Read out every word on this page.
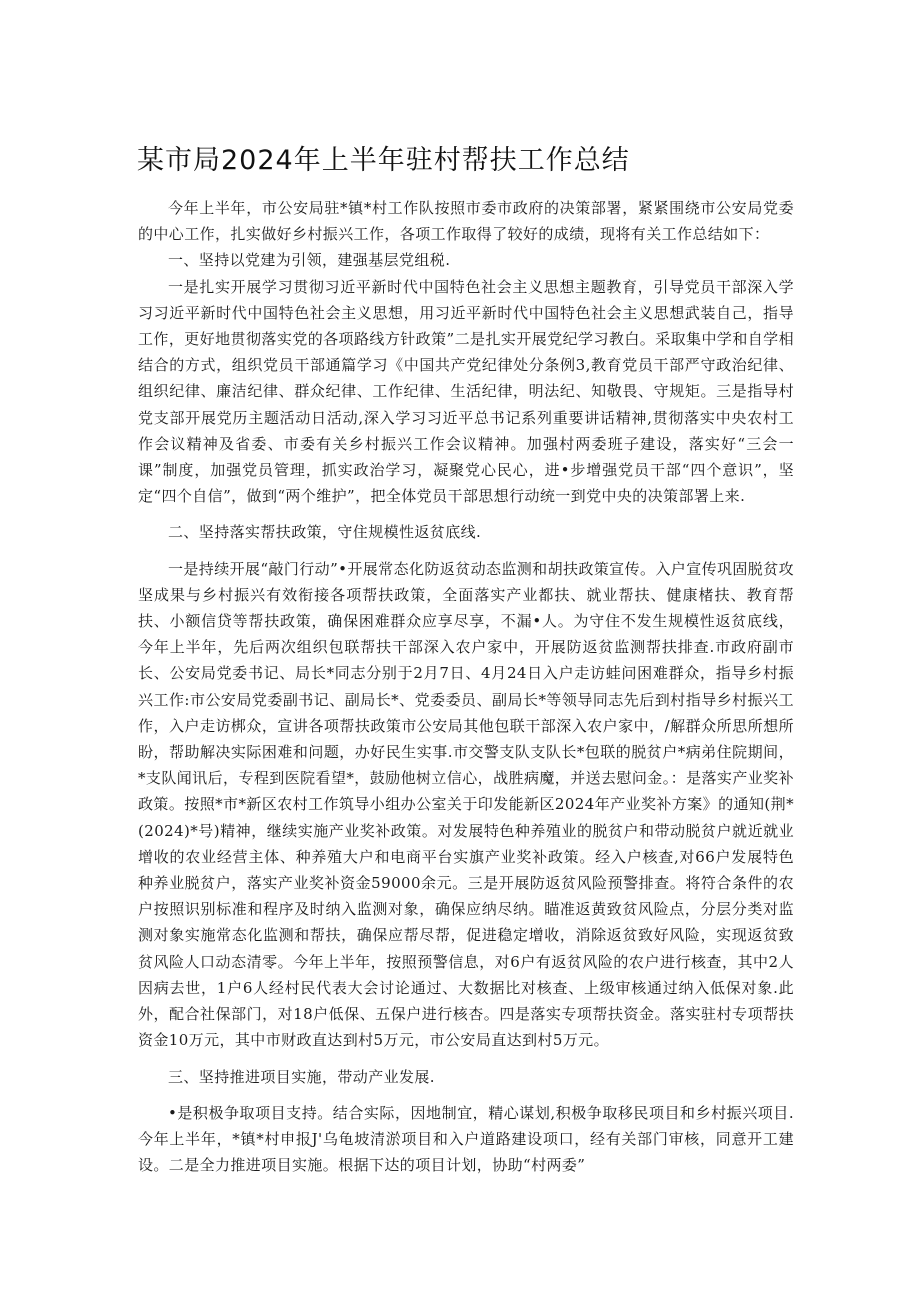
某市局2024年上半年驻村帮扶工作总结

今年上半年，市公安局驻*镇*村工作队按照市委市政府的决策部署，紧紧围绕市公安局党委的中心工作，扎实做好乡村振兴工作，各项工作取得了较好的成绩，现将有关工作总结如下：

一、坚持以党建为引领，建强基层党组税.

一是扎实开展学习贯彻习近平新时代中国特色社会主义思想主题教育，引导党员干部深入学习习近平新时代中国特色社会主义思想，用习近平新时代中国特色社会主义思想武装自己，指导工作，更好地贯彻落实党的各项路线方针政策”二是扎实开展党纪学习教白。采取集中学和自学相结合的方式，组织党员干部通篇学习《中国共产党纪律处分条例3,教育党员干部严守政治纪律、组织纪律、廉洁纪律、群众纪律、工作纪律、生活纪律，明法纪、知敬畏、守规矩。三是指导村党支部开展党历主题活动日活动,深入学习习近平总书记系列重要讲话精神,贯彻落实中央农村工作会议精神及省委、市委有关乡村振兴工作会议精神。加强村两委班子建设，落实好“三会一课”制度，加强党员管理，抓实政治学习，凝聚党心民心，进•步增强党员干部“四个意识”，坚定“四个自信”，做到“两个维护”，把全体党员干部思想行动统一到党中央的决策部署上来.

二、坚持落实帮扶政策，守住规模性返贫底线.

一是持续开展“敲门行动”•开展常态化防返贫动态监测和胡扶政策宣传。入户宣传巩固脱贫攻坚成果与乡村振兴有效衔接各项帮扶政策，全面落实产业都扶、就业帮扶、健康楮扶、教育帮扶、小额信贷等帮扶政策，确保困难群众应享尽享，不漏•人。为守住不发生规模性返贫底线，今年上半年，先后两次组织包联帮扶干部深入农户家中，开展防返贫监测帮扶排查.市政府副市长、公安局党委书记、局长*同志分别于2月7日、4月24日入户走访蛙问困难群众，指导乡村振兴工作:市公安局党委副书记、副局长*、党委委员、副局长*等领导同志先后到村指导乡村振兴工作，入户走访梆众，宣讲各项帮扶政策市公安局其他包联干部深入农户家中，/解群众所思所想所盼，帮助解决实际困难和问题，办好民生实事.市交警支队支队长*包联的脱贫户*病弟住院期间，*支队闻讯后，专程到医院看望*，鼓励他树立信心，战胜病魔，并送去慰问金。：是落实产业奖补政策。按照*市*新区农村工作筑导小组办公室关于印发能新区2024年产业奖补方案》的通知(荆*(2024)*号)精神，继续实施产业奖补政策。对发展特色种养殖业的脱贫户和带动脱贫户就近就业增收的农业经营主体、种养殖大户和电商平台实旗产业奖补政策。经入户核查,对66户发展特色种养业脱贫户，落实产业奖补资金59000余元。三是开展防返贫风险预警排查。将符合条件的农户按照识别标准和程序及时纳入监测对象，确保应纳尽纳。瞄准返黄致贫风险点，分层分类对监测对象实施常态化监测和帮扶，确保应帮尽帮，促进稳定增收，消除返贫致好风险，实现返贫致贫风险人口动态清零。今年上半年，按照预警信息，对6户有返贫风险的农户进行核查，其中2人因病去世，1户6人经村民代表大会讨论通过、大数据比对核查、上级审核通过纳入低保对象.此外，配合社保部门，对18户低保、五保户进行核杏。四是落实专项帮扶资金。落实驻村专项帮扶资金10万元，其中市财政直达到村5万元，市公安局直达到村5万元。

三、坚持推进项目实施，带动产业发展.

•是积极争取项目支持。结合实际，因地制宜，精心谋划,积极争取移民项目和乡村振兴项目.今年上半年，*镇*村申报J'乌龟坡清淤项目和入户道路建设项口，经有关部门审核，同意开工建设。二是全力推进项目实施。根据下达的项目计划，协助“村两委”
